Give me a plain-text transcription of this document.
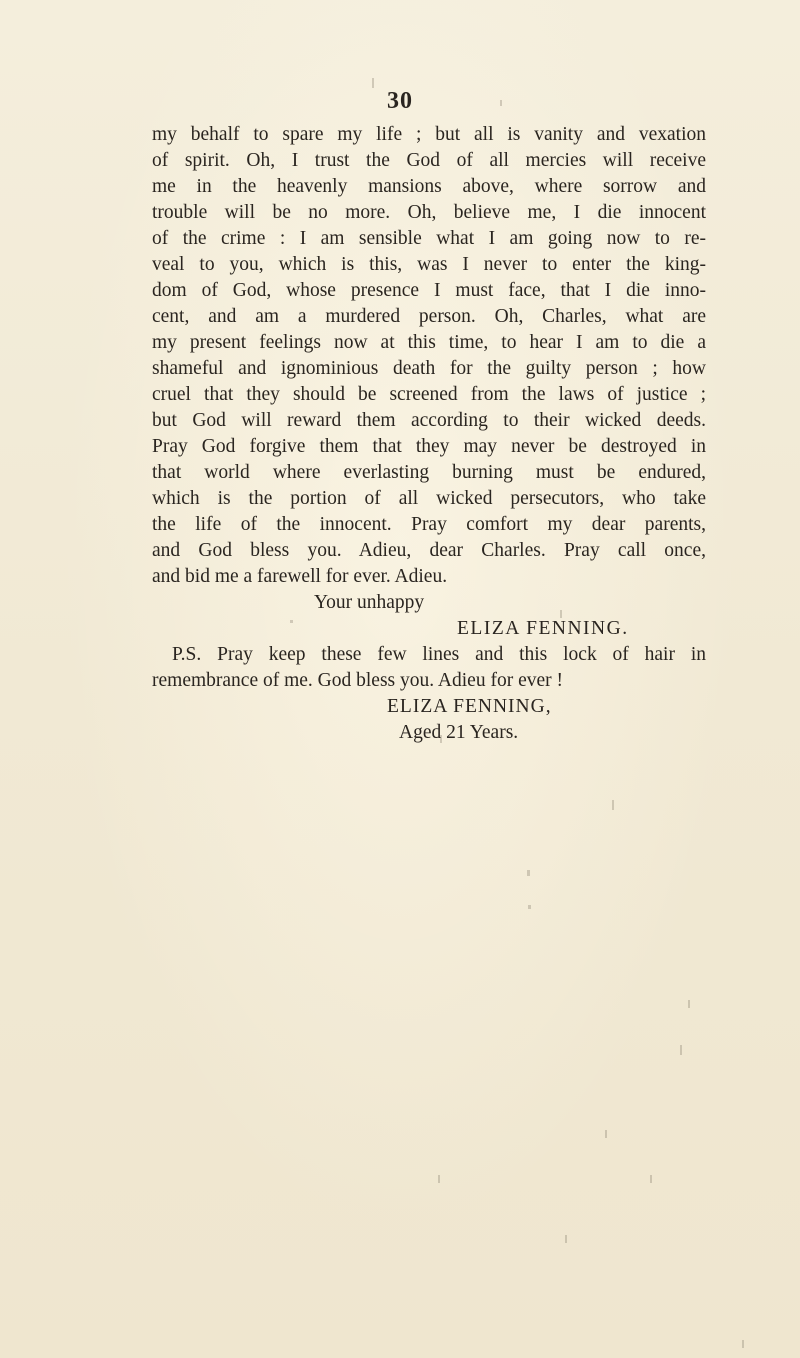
30
my behalf to spare my life ; but all is vanity and vexation
of spirit. Oh, I trust the God of all mercies will receive
me in the heavenly mansions above, where sorrow and
trouble will be no more. Oh, believe me, I die innocent
of the crime : I am sensible what I am going now to re-
veal to you, which is this, was I never to enter the king-
dom of God, whose presence I must face, that I die inno-
cent, and am a murdered person. Oh, Charles, what are
my present feelings now at this time, to hear I am to die a
shameful and ignominious death for the guilty person ; how
cruel that they should be screened from the laws of justice ;
but God will reward them according to their wicked deeds.
Pray God forgive them that they may never be destroyed in
that world where everlasting burning must be endured,
which is the portion of all wicked persecutors, who take
the life of the innocent. Pray comfort my dear parents,
and God bless you. Adieu, dear Charles. Pray call once,
and bid me a farewell for ever. Adieu.
Your unhappy
ELIZA FENNING.
P.S. Pray keep these few lines and this lock of hair in
remembrance of me. God bless you. Adieu for ever !
ELIZA FENNING,
Aged 21 Years.
